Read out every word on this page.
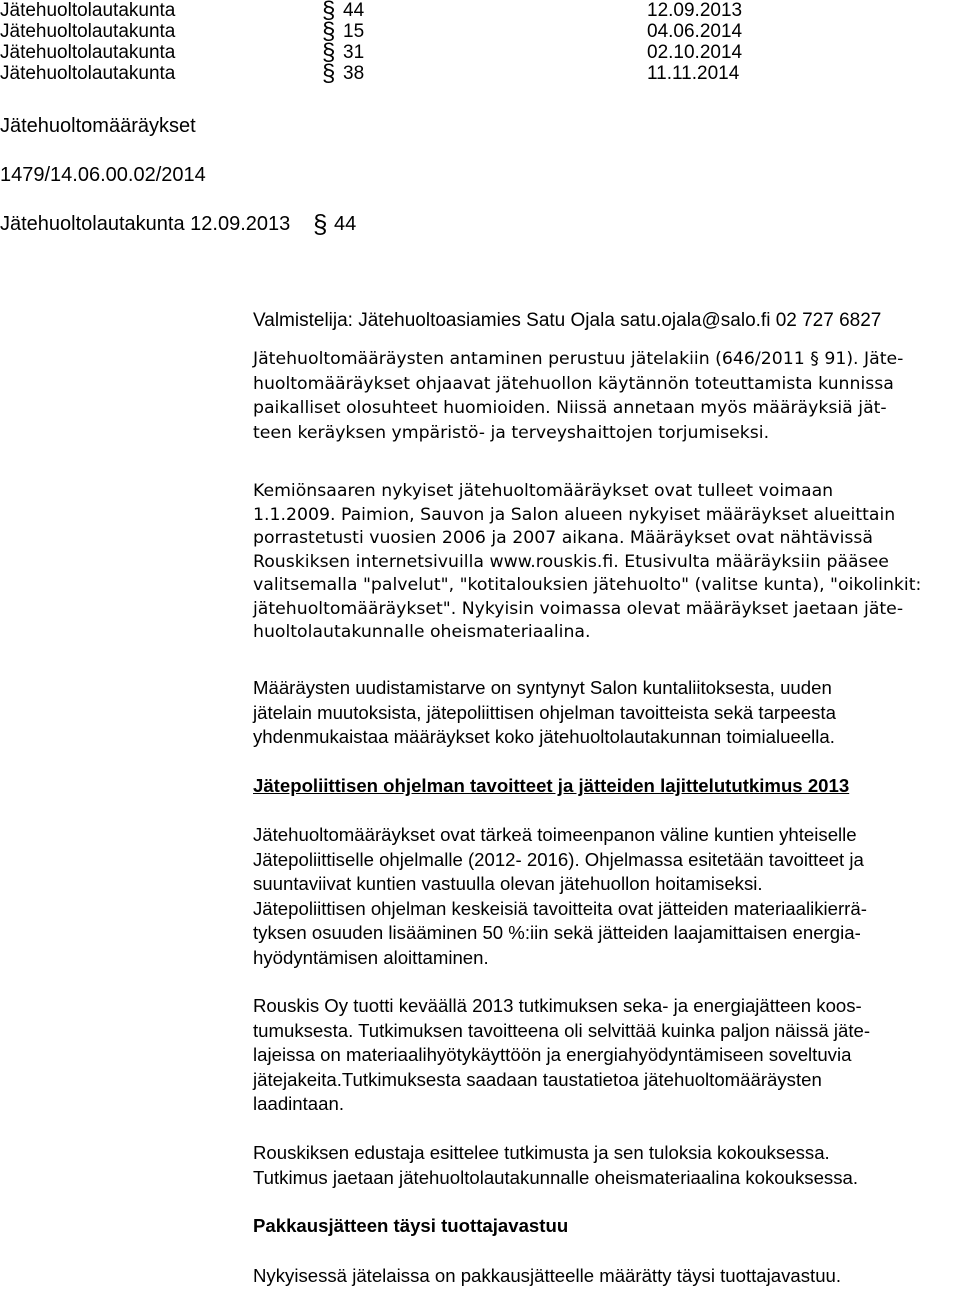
Jätehuoltolautakunta	§ 44	12.09.2013
Jätehuoltolautakunta	§ 15	04.06.2014
Jätehuoltolautakunta	§ 31	02.10.2014
Jätehuoltolautakunta	§ 38	11.11.2014
Jätehuoltomääräykset
1479/14.06.00.02/2014
Jätehuoltolautakunta 12.09.2013 § 44
Valmistelija: Jätehuoltoasiamies Satu Ojala satu.ojala@salo.fi 02 727 6827
Jätehuoltomääräysten antaminen perustuu jätelakiin (646/2011 § 91). Jäte-
huoltomääräykset ohjaavat jätehuollon käytännön toteuttamista kunnissa
paikalliset olosuhteet huomioiden. Niissä annetaan myös määräyksiä jät-
teen keräyksen ympäristö- ja terveyshaittojen torjumiseksi.
Kemiönsaaren nykyiset jätehuoltomääräykset ovat tulleet voimaan
1.1.2009. Paimion, Sauvon ja Salon alueen nykyiset määräykset alueittain
porrastetusti vuosien 2006 ja 2007 aikana. Määräykset ovat nähtävissä
Rouskiksen internetsivuilla www.rouskis.fi. Etusivulta määräyksiin pääsee
valitsemalla "palvelut", "kotitalouksien jätehuolto" (valitse kunta), "oikolinkit:
jätehuoltomääräykset". Nykyisin voimassa olevat määräykset jaetaan jäte-
huoltolautakunnalle oheismateriaalina.
Määräysten uudistamistarve on syntynyt Salon kuntaliitoksesta, uuden
jätelain muutoksista, jätepoliittisen ohjelman tavoitteista sekä tarpeesta
yhdenmukaistaa määräykset koko jätehuoltolautakunnan toimialueella.
Jätepoliittisen ohjelman tavoitteet ja jätteiden lajittelututkimus 2013
Jätehuoltomääräykset ovat tärkeä toimeenpanon väline kuntien yhteiselle
Jätepoliittiselle ohjelmalle (2012- 2016). Ohjelmassa esitetään tavoitteet ja
suuntaviivat kuntien vastuulla olevan jätehuollon hoitamiseksi.
Jätepoliittisen ohjelman keskeisiä tavoitteita ovat jätteiden materiaalikierrä-
tyksen osuuden lisääminen 50 %:iin sekä jätteiden laajamittaisen energia-
hyödyntämisen aloittaminen.
Rouskis Oy tuotti keväällä 2013 tutkimuksen seka- ja energiajätteen koos-
tumuksesta. Tutkimuksen tavoitteena oli selvittää kuinka paljon näissä jäte-
lajeissa on materiaalihyötykäyttöön ja energiahyödyntämiseen soveltuvia
jätejakeita.Tutkimuksesta saadaan taustatietoa jätehuoltomääräysten
laadintaan.
Rouskiksen edustaja esittelee tutkimusta ja sen tuloksia kokouksessa.
Tutkimus jaetaan jätehuoltolautakunnalle oheismateriaalina kokouksessa.
Pakkausjätteen täysi tuottajavastuu
Nykyisessä jätelaissa on pakkausjätteelle määrätty täysi tuottajavastuu.
